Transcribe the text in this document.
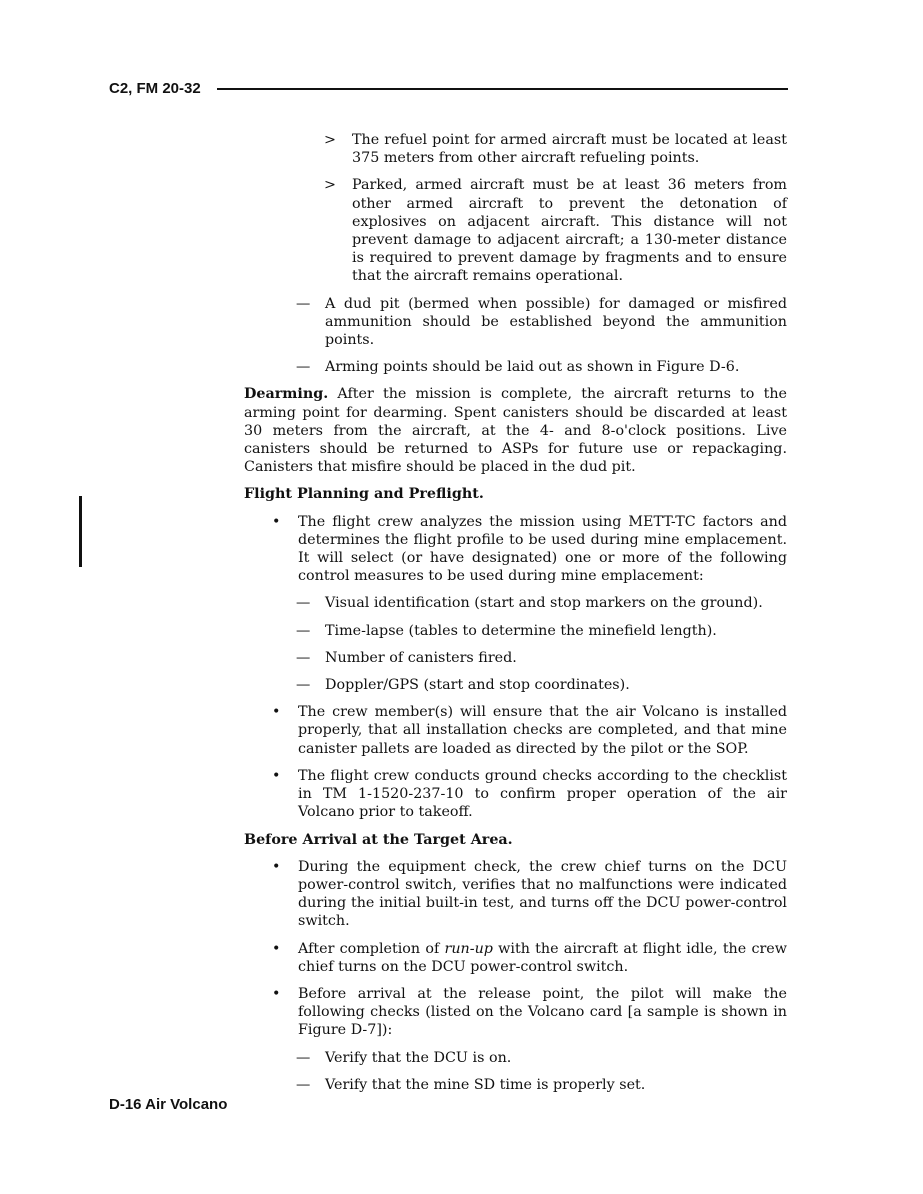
C2, FM 20-32
> The refuel point for armed aircraft must be located at least 375 meters from other aircraft refueling points.
> Parked, armed aircraft must be at least 36 meters from other armed aircraft to prevent the detonation of explosives on adjacent aircraft. This distance will not prevent damage to adjacent aircraft; a 130-meter distance is required to prevent damage by fragments and to ensure that the aircraft remains operational.
— A dud pit (bermed when possible) for damaged or misfired ammunition should be established beyond the ammunition points.
— Arming points should be laid out as shown in Figure D-6.

Dearming. After the mission is complete, the aircraft returns to the arming point for dearming. Spent canisters should be discarded at least 30 meters from the aircraft, at the 4- and 8-o'clock positions. Live canisters should be returned to ASPs for future use or repackaging. Canisters that misfire should be placed in the dud pit.

Flight Planning and Preflight.
• The flight crew analyzes the mission using METT-TC factors and determines the flight profile to be used during mine emplacement. It will select (or have designated) one or more of the following control measures to be used during mine emplacement:
— Visual identification (start and stop markers on the ground).
— Time-lapse (tables to determine the minefield length).
— Number of canisters fired.
— Doppler/GPS (start and stop coordinates).
• The crew member(s) will ensure that the air Volcano is installed properly, that all installation checks are completed, and that mine canister pallets are loaded as directed by the pilot or the SOP.
• The flight crew conducts ground checks according to the checklist in TM 1-1520-237-10 to confirm proper operation of the air Volcano prior to takeoff.
Before Arrival at the Target Area.
• During the equipment check, the crew chief turns on the DCU power-control switch, verifies that no malfunctions were indicated during the initial built-in test, and turns off the DCU power-control switch.
• After completion of run-up with the aircraft at flight idle, the crew chief turns on the DCU power-control switch.
• Before arrival at the release point, the pilot will make the following checks (listed on the Volcano card [a sample is shown in Figure D-7]):
— Verify that the DCU is on.
— Verify that the mine SD time is properly set.
D-16 Air Volcano
